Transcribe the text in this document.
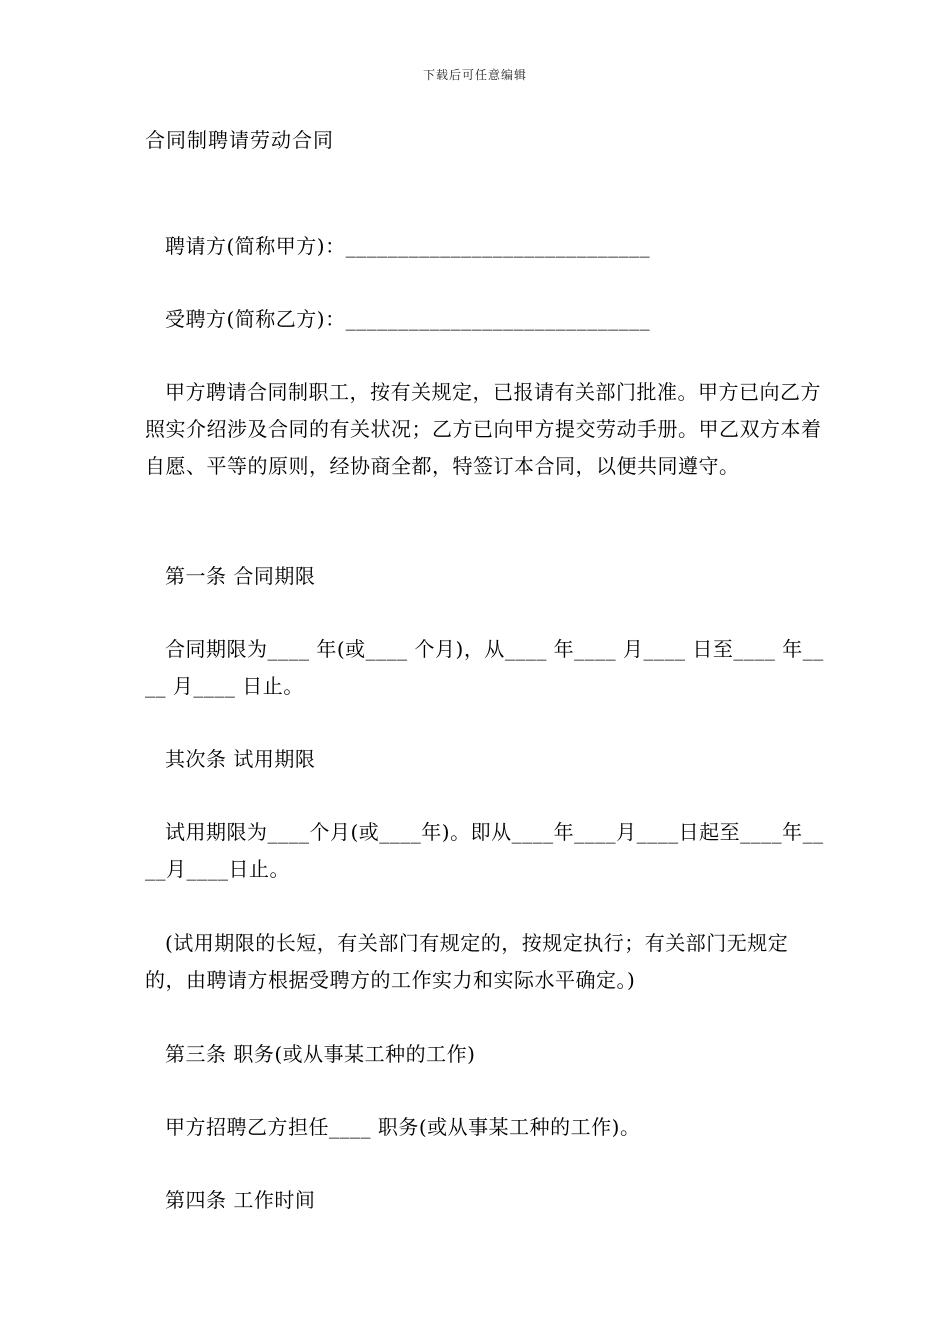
下载后可任意编辑
合同制聘请劳动合同

聘请方(简称甲方)：_____________________________

受聘方(简称乙方)：_____________________________

甲方聘请合同制职工，按有关规定，已报请有关部门批准。甲方已向乙方照实介绍涉及合同的有关状况；乙方已向甲方提交劳动手册。甲乙双方本着自愿、平等的原则，经协商全都，特签订本合同，以便共同遵守。

第一条 合同期限

合同期限为____ 年(或____ 个月)，从____ 年____ 月____ 日至____ 年____ 月____ 日止。

其次条 试用期限

试用期限为____个月(或____年)。即从____年____月____日起至____年____月____日止。

(试用期限的长短，有关部门有规定的，按规定执行；有关部门无规定的，由聘请方根据受聘方的工作实力和实际水平确定。)

第三条 职务(或从事某工种的工作)

甲方招聘乙方担任____ 职务(或从事某工种的工作)。

第四条 工作时间
